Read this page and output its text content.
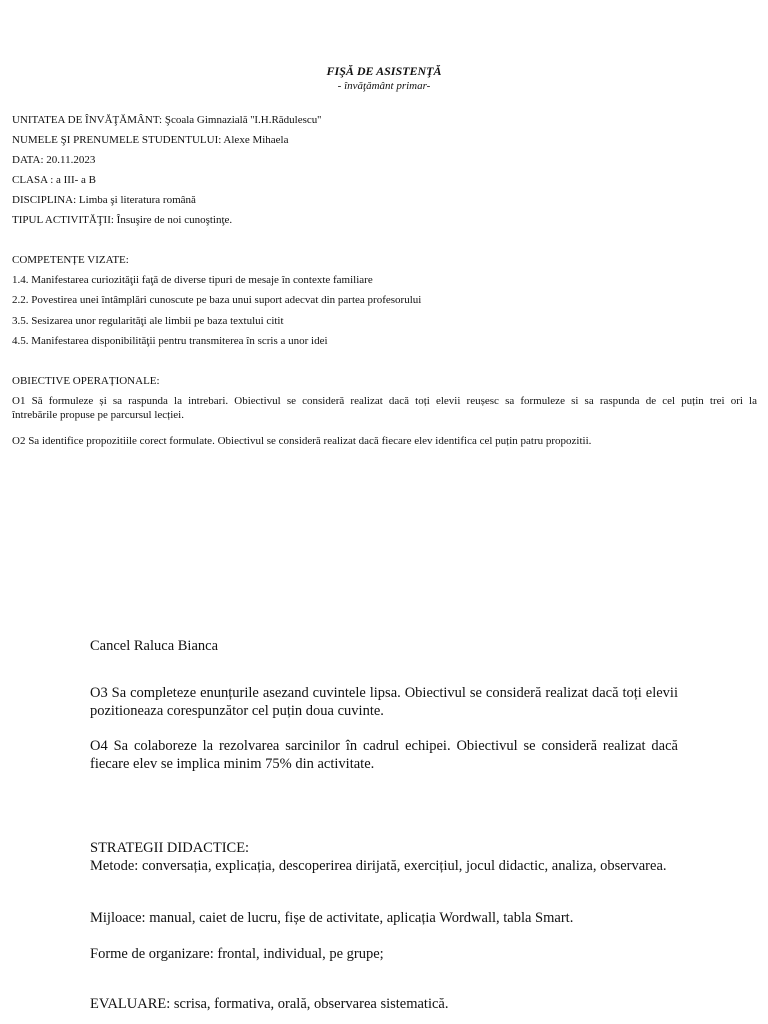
FIŞĂ DE ASISTENŢĂ
- învăţământ primar-
UNITATEA DE ÎNVĂŢĂMÂNT: Şcoala Gimnazială ''I.H.Rădulescu''
NUMELE ŞI PRENUMELE STUDENTULUI: Alexe Mihaela
DATA: 20.11.2023
CLASA : a III- a B
DISCIPLINA: Limba şi literatura română
TIPUL ACTIVITĂŢII: Însuşire de noi cunoştinţe.
COMPETENȚE VIZATE:
1.4. Manifestarea curiozităţii faţă de diverse tipuri de mesaje în contexte familiare
2.2. Povestirea unei întâmplări cunoscute pe baza unui suport adecvat din partea profesorului
3.5. Sesizarea unor regularităţi ale limbii pe baza textului citit
4.5. Manifestarea disponibilităţii pentru transmiterea în scris a unor idei
OBIECTIVE OPERAȚIONALE:
O1 Să formuleze și sa raspunda la intrebari. Obiectivul se consideră realizat dacă toți elevii reușesc sa formuleze si sa raspunda de cel puțin trei ori la
întrebările propuse pe parcursul lecției.
O2 Sa identifice propozitiile corect formulate. Obiectivul se consideră realizat dacă fiecare elev identifica cel puțin patru propozitii.
Cancel Raluca Bianca
O3 Sa completeze enunțurile asezand cuvintele lipsa. Obiectivul se consideră realizat dacă toți elevii pozitioneaza corespunzător cel puțin doua cuvinte.
O4 Sa colaboreze la rezolvarea sarcinilor în cadrul echipei. Obiectivul se consideră realizat dacă fiecare elev se implica minim 75% din activitate.
STRATEGII DIDACTICE:
Metode: conversația, explicația, descoperirea dirijată, exercițiul, jocul didactic, analiza, observarea.
Mijloace: manual, caiet de lucru, fișe de activitate, aplicația Wordwall, tabla Smart.
Forme de organizare: frontal, individual, pe grupe;
EVALUARE: scrisa, formativa, orală, observarea sistematică.
